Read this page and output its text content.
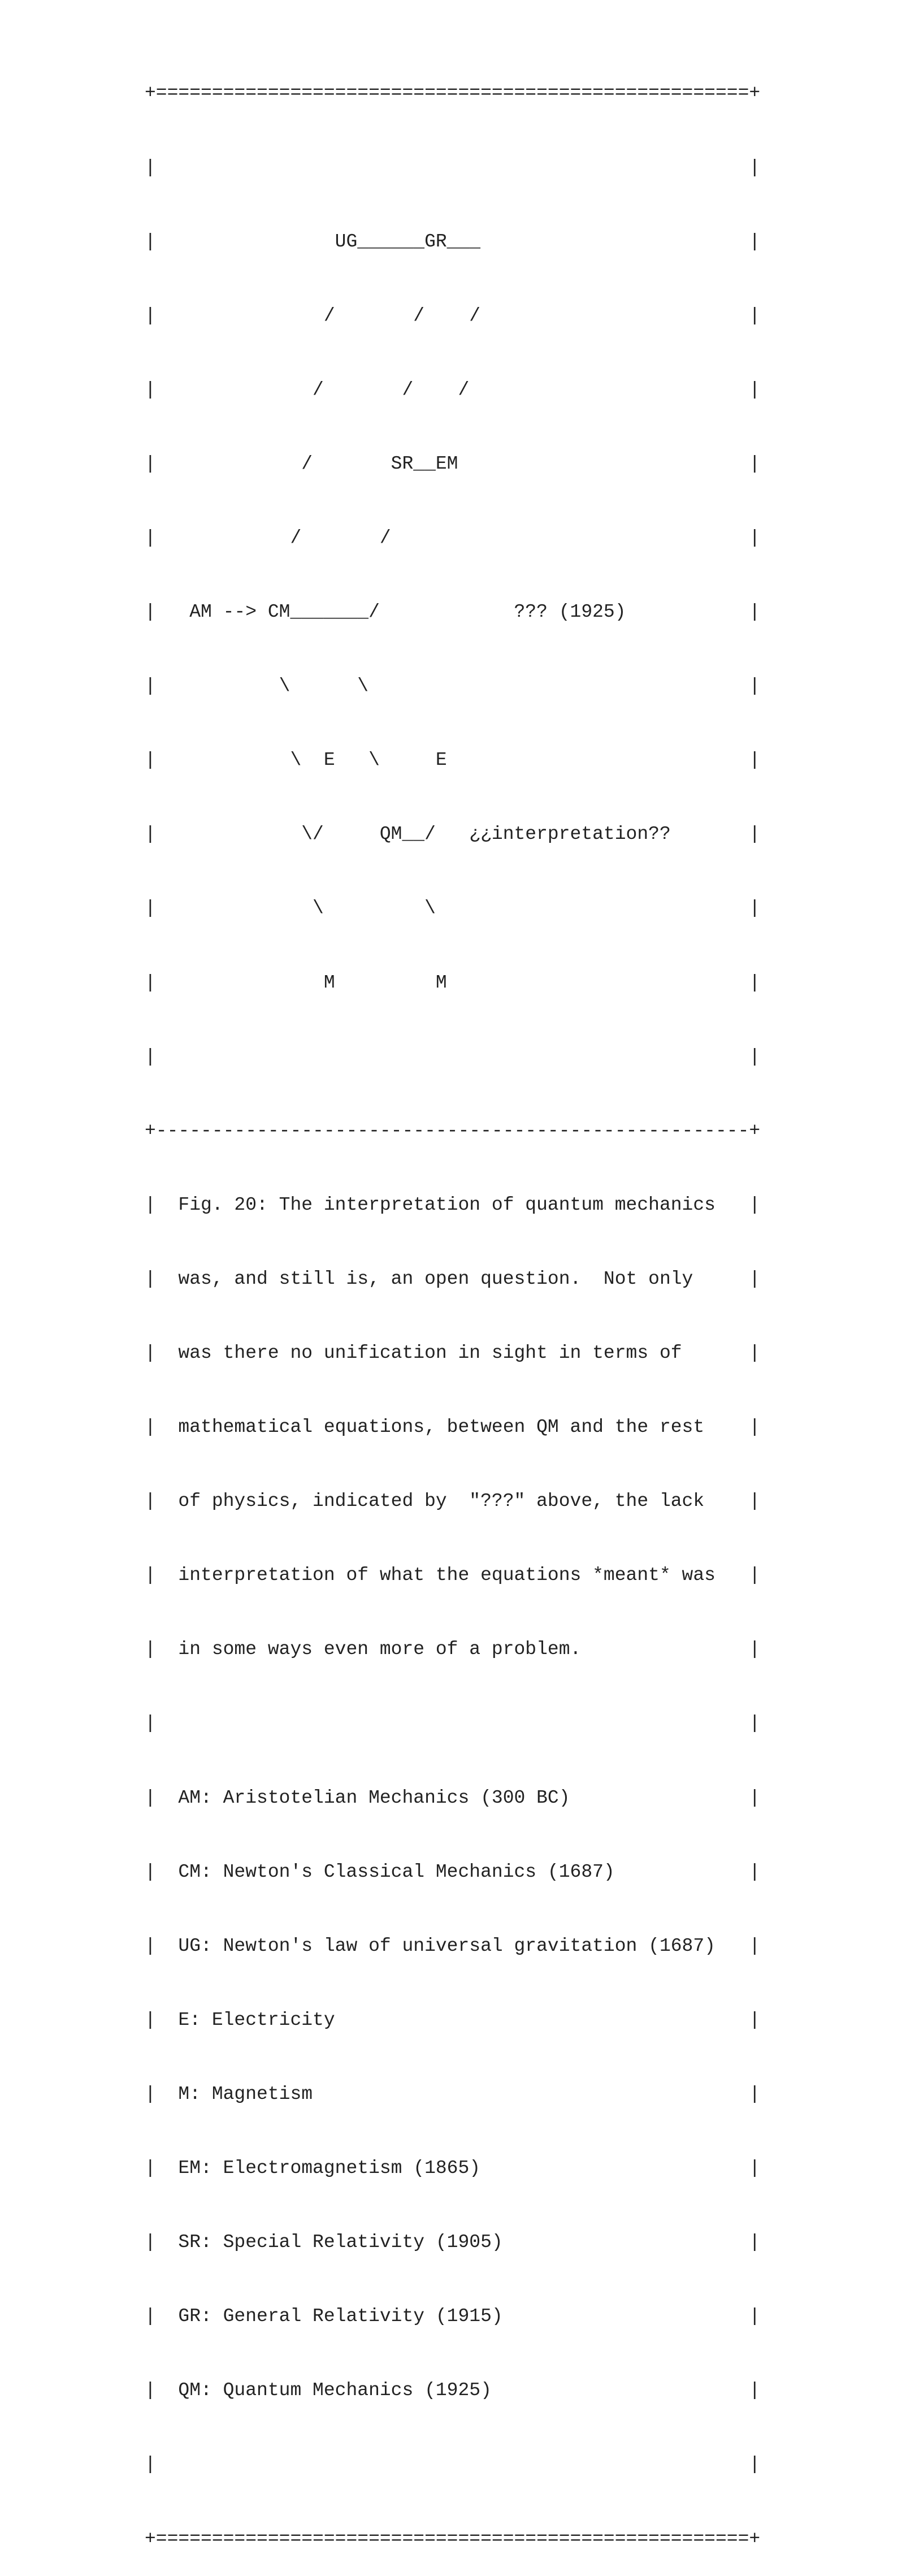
+=====================================================+

|                                                     |

|                UG______GR___                        |

|               /       /    /                        |

|              /       /    /                         |

|             /       SR__EM                          |

|            /       /                                |

|   AM --> CM_______/            ??? (1925)           |

|           \      \                                  |

|            \  E   \     E                           |

|             \/     QM__/   ¿¿interpretation??       |

|              \         \                            |

|               M         M                           |

|                                                     |

+-----------------------------------------------------+

|  Fig. 20: The interpretation of quantum mechanics   |

|  was, and still is, an open question.  Not only     |

|  was there no unification in sight in terms of      |

|  mathematical equations, between QM and the rest    |

|  of physics, indicated by  "???" above, the lack    |

|  interpretation of what the equations *meant* was   |

|  in some ways even more of a problem.               |

|                                                     |

|  AM: Aristotelian Mechanics (300 BC)                |

|  CM: Newton's Classical Mechanics (1687)            |

|  UG: Newton's law of universal gravitation (1687)   |

|  E: Electricity                                     |

|  M: Magnetism                                       |

|  EM: Electromagnetism (1865)                        |

|  SR: Special Relativity (1905)                      |

|  GR: General Relativity (1915)                      |

|  QM: Quantum Mechanics (1925)                       |

|                                                     |

+=====================================================+
